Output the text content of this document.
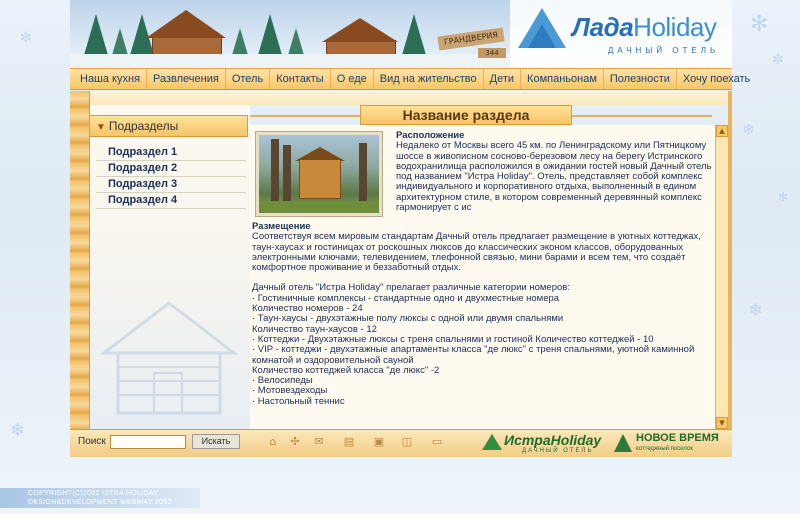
✻
✼
❄
✻
❄
✼
❄
ГРАНДВЕРИЯ
344
ЛадаHoliday
ДАЧНЫЙ ОТЕЛЬ
Наша кухня	Развлечения	Отель	Контакты	О еде	Вид на жительство	Дети	Компаньонам	Полезности	Хочу поехать
▼ Подразделы
Подраздел 1
Подраздел 2
Подраздел 3
Подраздел 4
Название раздела
Расположение
Недалеко от Москвы всего 45 км. по Ленинградскому или Пятницкому шоссе в живописном сосново-березовом лесу на берегу Истринского водохранилища расположился в ожидании гостей новый Дачный отель под названием "Истра Holiday". Отель, представляет собой комплекс индивидуального и корпоративного отдыха, выполненный в едином архитектурном стиле, в котором современный деревянный комплекс гармонирует с ис
Размещение
Соответствуя всем мировым стандартам Дачный отель предлагает размещение в уютных коттеджах, таун-хаусах и гостиницах от роскошных люксов до классических эконом классов, оборудованных электронными ключами, телевидением, тлефонной связью, мини барами и всем тем, что создаёт комфортное проживание и беззаботный отдых.
Дачный отель "Истра Holiday" прелагает различные категории номеров:
· Гостиничные комплексы - стандартные одно и двухместные номера
Количество номеров - 24
· Таун-хаусы - двухэтажные полу люксы с одной или двумя спальнями
Количество таун-хаусов - 12
· Коттеджи - Двухэтажные люксы с треня спальнями и гостиной Количество коттеджей - 10
· VIP - коттеджи - двухэтажные апартаменты класса "де люкс" с треня спальнями, уютной каминной комнатой и оздоровительной сауной
Количество коттеджей класса "де люкс" -2
· Велосипеды
· Мотовездеходы
· Настольный теннис
▲
▼
Поиск	Искать	⌂	✣ ✉ ▤ ▣ ◫ ▭	ИстраHoliday
ДАЧНЫЙ ОТЕЛЬ
НОВОЕ ВРЕМЯ
коттеджный поселок
COPYRIGHT(C)2002 ISTRA HOLIDAY
DESIGN&DEVELOPMENT WEBWAY 2002
